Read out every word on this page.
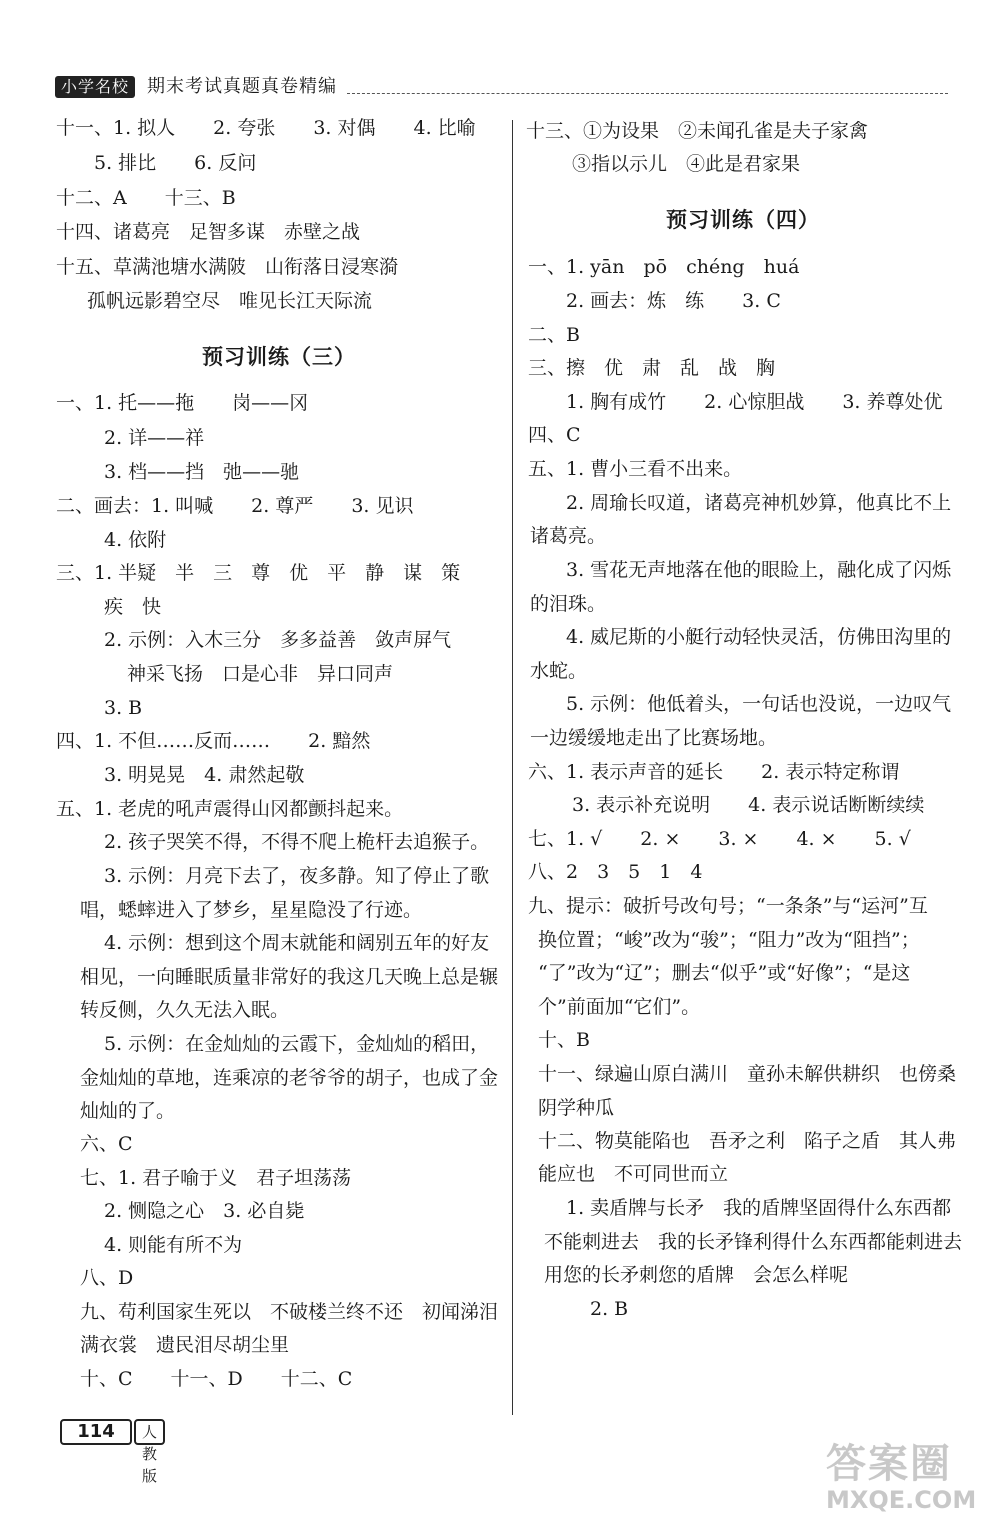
小学名校 期末考试真题真卷精编
十一、1. 拟人　　2. 夸张　　3. 对偶　　4. 比喻
5. 排比　　6. 反问
十二、A　　十三、B
十四、诸葛亮　足智多谋　赤壁之战
十五、草满池塘水满陂　山衔落日浸寒漪
孤帆远影碧空尽　唯见长江天际流
预习训练（三）
一、1. 托——拖　　岗——冈
2. 详——祥
3. 档——挡　弛——驰
二、画去：1. 叫喊　　2. 尊严　　3. 见识
4. 依附
三、1. 半疑　半　三　尊　优　平　静　谋　策
疾　快
2. 示例：入木三分　多多益善　敛声屏气
神采飞扬　口是心非　异口同声
3. B
四、1. 不但……反而……　　2. 黯然
3. 明晃晃　4. 肃然起敬
五、1. 老虎的吼声震得山冈都颤抖起来。
2. 孩子哭笑不得，不得不爬上桅杆去追猴子。
3. 示例：月亮下去了，夜多静。知了停止了歌
唱，蟋蟀进入了梦乡，星星隐没了行迹。
4. 示例：想到这个周末就能和阔别五年的好友
相见，一向睡眠质量非常好的我这几天晚上总是辗
转反侧，久久无法入眠。
5. 示例：在金灿灿的云霞下，金灿灿的稻田，
金灿灿的草地，连乘凉的老爷爷的胡子，也成了金
灿灿的了。
六、C
七、1. 君子喻于义　君子坦荡荡
2. 恻隐之心　3. 必自毙
4. 则能有所不为
八、D
九、苟利国家生死以　不破楼兰终不还　初闻涕泪
满衣裳　遗民泪尽胡尘里
十、C　　十一、D　　十二、C
十三、①为设果　②未闻孔雀是夫子家禽
③指以示儿　④此是君家果
预习训练（四）
一、1. yān　pō　chéng　huá
2. 画去：炼　练　　3. C
二、B
三、擦　优　肃　乱　战　胸
1. 胸有成竹　　2. 心惊胆战　　3. 养尊处优
四、C
五、1. 曹小三看不出来。
2. 周瑜长叹道，诸葛亮神机妙算，他真比不上
诸葛亮。
3. 雪花无声地落在他的眼睑上，融化成了闪烁
的泪珠。
4. 威尼斯的小艇行动轻快灵活，仿佛田沟里的
水蛇。
5. 示例：他低着头，一句话也没说，一边叹气
一边缓缓地走出了比赛场地。
六、1. 表示声音的延长　　2. 表示特定称谓
3. 表示补充说明　　4. 表示说话断断续续
七、1. √　　2. ×　　3. ×　　4. ×　　5. √
八、2　3　5　1　4
九、提示：破折号改句号；“一条条”与“运河”互
换位置；“峻”改为“骏”；“阻力”改为“阻挡”；
“了”改为“辽”；删去“似乎”或“好像”；“是这
个”前面加“它们”。
十、B
十一、绿遍山原白满川　童孙未解供耕织　也傍桑
阴学种瓜
十二、物莫能陷也　吾矛之利　陷子之盾　其人弗
能应也　不可同世而立
1. 卖盾牌与长矛　我的盾牌坚固得什么东西都
不能刺进去　我的长矛锋利得什么东西都能刺进去
用您的长矛刺您的盾牌　会怎么样呢
2. B
114	人教版	答案圈
MXQE.COM
